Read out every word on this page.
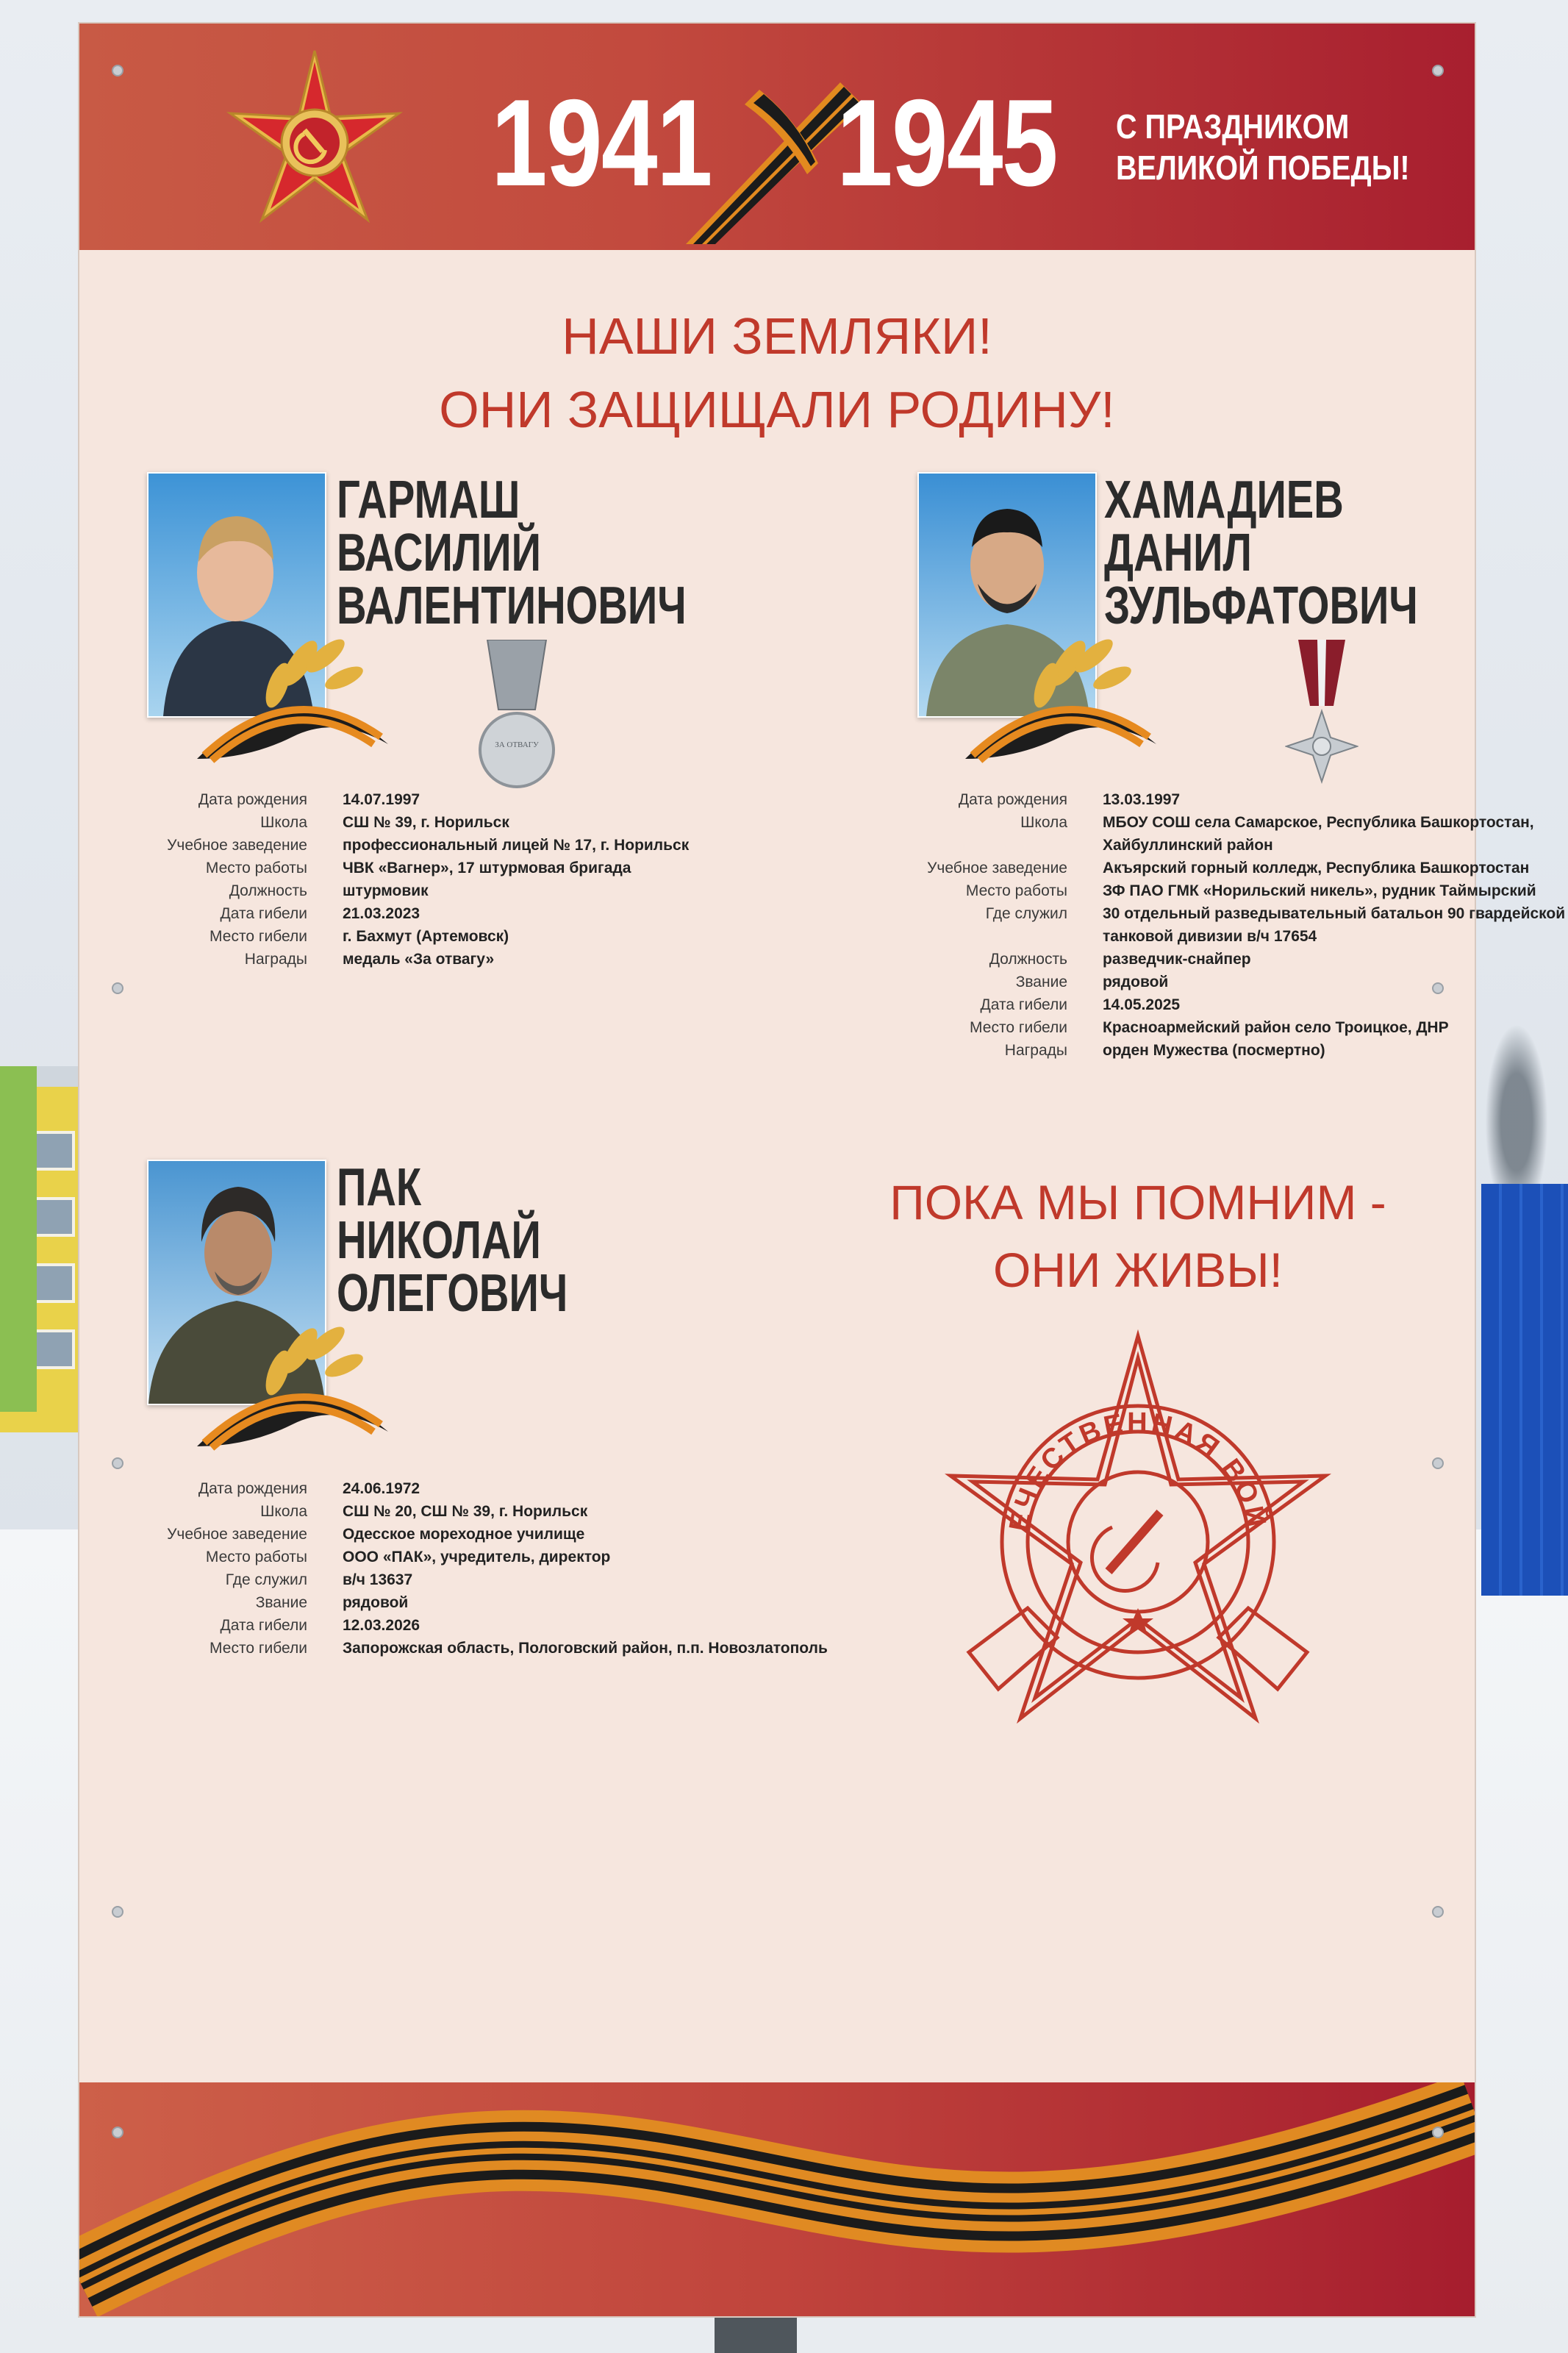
1941 1945 С ПРАЗДНИКОМ
ВЕЛИКОЙ ПОБЕДЫ!
НАШИ ЗЕМЛЯКИ!
ОНИ ЗАЩИЩАЛИ РОДИНУ!
ГАРМАШ
ВАСИЛИЙ
ВАЛЕНТИНОВИЧ
ЗА ОТВАГУ
Дата рождения	14.07.1997
Школа	СШ № 39, г. Норильск
Учебное заведение	профессиональный лицей № 17, г. Норильск
Место работы	ЧВК «Вагнер», 17 штурмовая бригада
Должность	штурмовик
Дата гибели	21.03.2023
Место гибели	г. Бахмут (Артемовск)
Награды	медаль «За отвагу»
ХАМАДИЕВ
ДАНИЛ
ЗУЛЬФАТОВИЧ
Дата рождения	13.03.1997
Школа	МБОУ СОШ села Самарское, Республика Башкортостан,
Хайбуллинский район
Учебное заведение	Акъярский горный колледж, Республика Башкортостан
Место работы	ЗФ ПАО ГМК «Норильский никель», рудник Таймырский
Где служил	30 отдельный разведывательный батальон 90 гвардейской
танковой дивизии в/ч 17654
Должность	разведчик-снайпер
Звание	рядовой
Дата гибели	14.05.2025
Место гибели	Красноармейский район село Троицкое, ДНР
Награды	орден Мужества (посмертно)
ПАК
НИКОЛАЙ
ОЛЕГОВИЧ
Дата рождения	24.06.1972
Школа	СШ № 20, СШ № 39, г. Норильск
Учебное заведение	Одесское мореходное училище
Место работы	ООО «ПАК», учредитель, директор
Где служил	в/ч 13637
Звание	рядовой
Дата гибели	12.03.2026
Место гибели	Запорожская область, Пологовский район, п.п. Новозлатополь
ПОКА МЫ ПОМНИМ -
ОНИ ЖИВЫ!
ОТЕЧЕСТВЕННАЯ ВОЙНА
